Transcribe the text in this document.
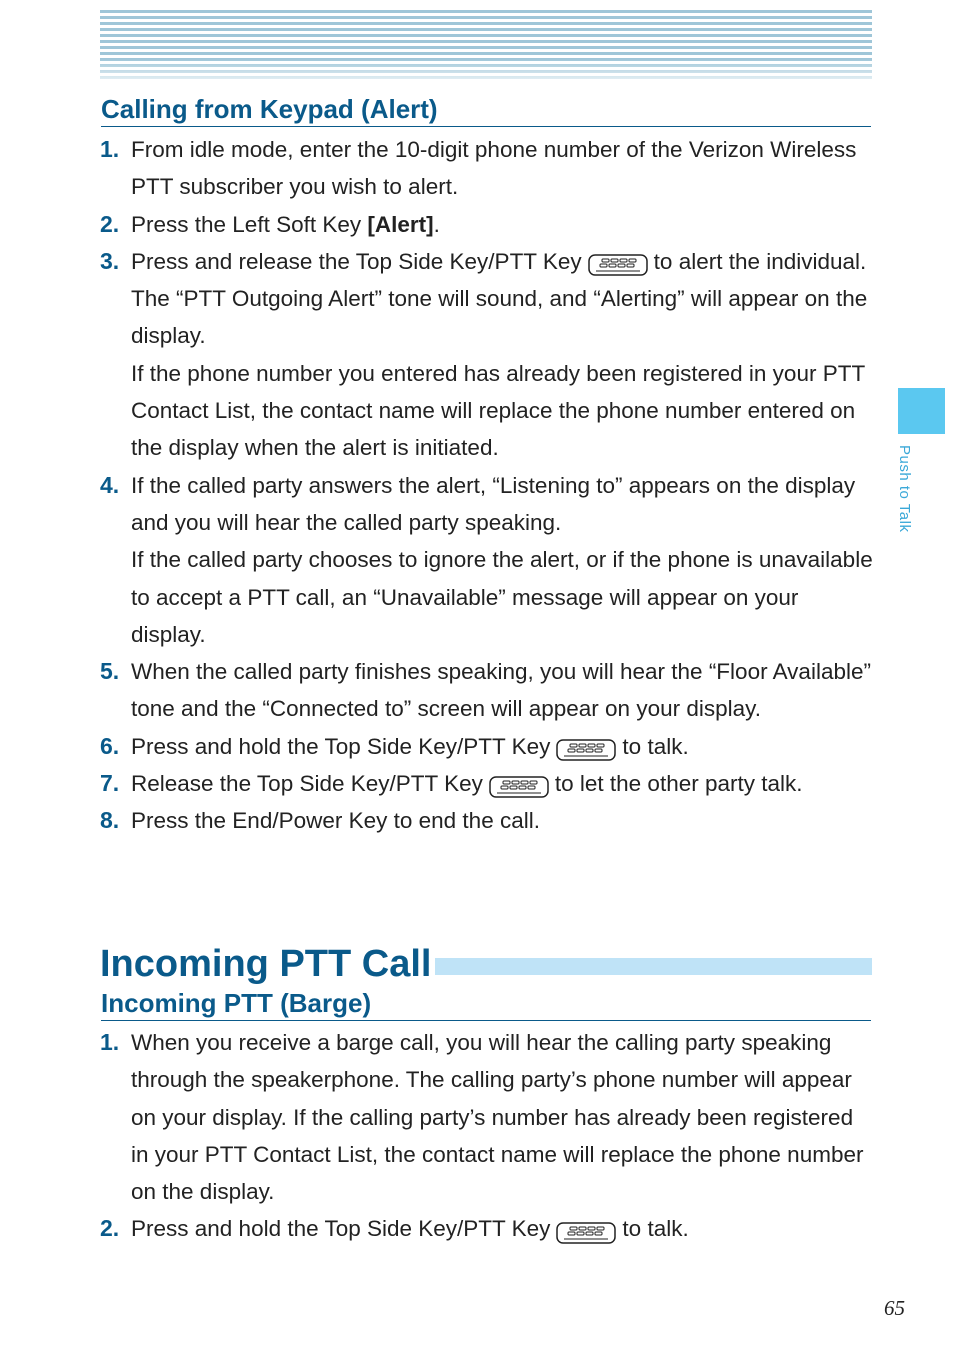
Push to Talk
Calling from Keypad (Alert)
1. From idle mode, enter the 10-digit phone number of the Verizon Wireless PTT subscriber you wish to alert.

2. Press the Left Soft Key [Alert].

3. Press and release the Top Side Key/PTT Key	to alert the individual.

The “PTT Outgoing Alert” tone will sound, and “Alerting” will appear on the display.

If the phone number you entered has already been registered in your PTT Contact List, the contact name will replace the phone number entered on the display when the alert is initiated.

4. If the called party answers the alert, “Listening to” appears on the display and you will hear the called party speaking.

If the called party chooses to ignore the alert, or if the phone is unavailable to accept a PTT call, an “Unavailable” message will appear on your display.

5. When the called party finishes speaking, you will hear the “Floor Available” tone and the “Connected to” screen will appear on your display.

6. Press and hold the Top Side Key/PTT Key	to talk.

7. Release the Top Side Key/PTT Key	to let the other party talk.

8. Press the End/Power Key to end the call.

Incoming PTT Call
Incoming PTT (Barge)
1. When you receive a barge call, you will hear the calling party speaking through the speakerphone. The calling party’s phone number will appear on your display. If the calling party’s number has already been registered in your PTT Contact List, the contact name will replace the phone number on the display.

2. Press and hold the Top Side Key/PTT Key	to talk.

65
